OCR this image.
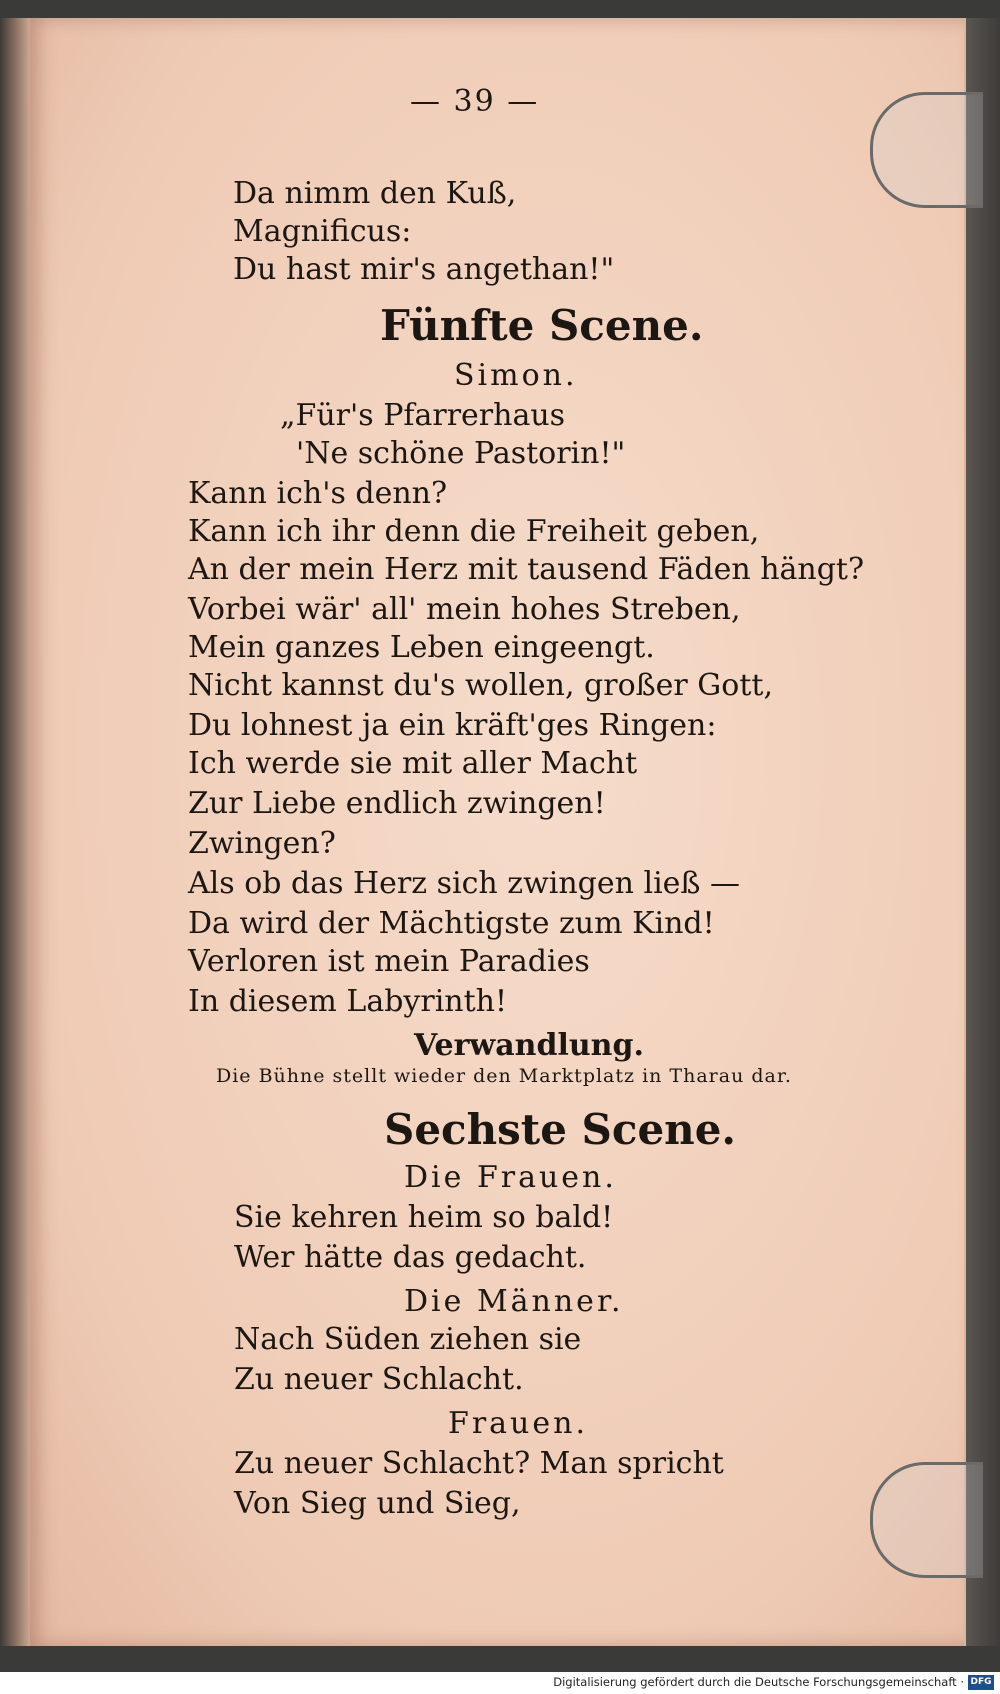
— 39 —
Da nimm den Kuß,
Magnificus:
Du hast mir's angethan!"
Fünfte Scene.
Simon.
„Für's Pfarrerhaus
'Ne schöne Pastorin!"
Kann ich's denn?
Kann ich ihr denn die Freiheit geben,
An der mein Herz mit tausend Fäden hängt?
Vorbei wär' all' mein hohes Streben,
Mein ganzes Leben eingeengt.
Nicht kannst du's wollen, großer Gott,
Du lohnest ja ein kräft'ges Ringen:
Ich werde sie mit aller Macht
Zur Liebe endlich zwingen!
Zwingen?
Als ob das Herz sich zwingen ließ —
Da wird der Mächtigste zum Kind!
Verloren ist mein Paradies
In diesem Labyrinth!
Verwandlung.
Die Bühne stellt wieder den Marktplatz in Tharau dar.
Sechste Scene.
Die Frauen.
Sie kehren heim so bald!
Wer hätte das gedacht.
Die Männer.
Nach Süden ziehen sie
Zu neuer Schlacht.
Frauen.
Zu neuer Schlacht? Man spricht
Von Sieg und Sieg,
Digitalisierung gefördert durch die Deutsche Forschungsgemeinschaft · DFG
